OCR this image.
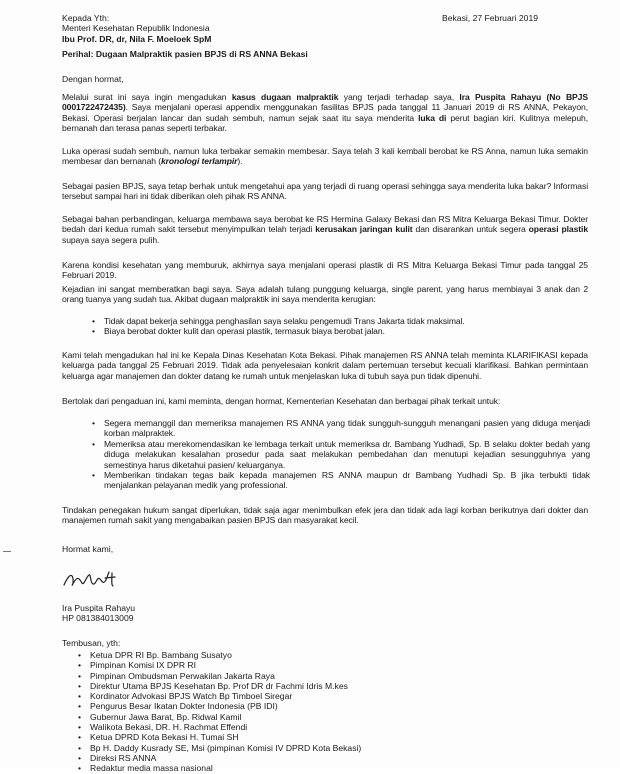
Kepada Yth:
Menteri Kesehatan Republik Indonesia
Ibu Prof. DR, dr, Nila F. Moeloek SpM
Bekasi, 27 Februari 2019
Perihal: Dugaan Malpraktik pasien BPJS di RS ANNA Bekasi
Dengan hormat,
Melalui surat ini saya ingin mengadukan kasus dugaan malpraktik yang terjadi terhadap saya, Ira Puspita Rahayu (No BPJS 0001722472435). Saya menjalani operasi appendix menggunakan fasilitas BPJS pada tanggal 11 Januari 2019 di RS ANNA, Pekayon, Bekasi. Operasi berjalan lancar dan sudah sembuh, namun sejak saat itu saya menderita luka di perut bagian kiri. Kulitnya melepuh, bernanah dan terasa panas seperti terbakar.
Luka operasi sudah sembuh, namun luka terbakar semakin membesar. Saya telah 3 kali kembali berobat ke RS Anna, namun luka semakin membesar dan bernanah (kronologi terlampir).
Sebagai pasien BPJS, saya tetap berhak untuk mengetahui apa yang terjadi di ruang operasi sehingga saya menderita luka bakar? Informasi tersebut sampai hari ini tidak diberikan oleh pihak RS ANNA.
Sebagai bahan perbandingan, keluarga membawa saya berobat ke RS Hermina Galaxy Bekasi dan RS Mitra Keluarga Bekasi Timur. Dokter bedah dari kedua rumah sakit tersebut menyimpulkan telah terjadi kerusakan jaringan kulit dan disarankan untuk segera operasi plastik supaya saya segera pulih.
Karena kondisi kesehatan yang memburuk, akhirnya saya menjalani operasi plastik di RS Mitra Keluarga Bekasi Timur pada tanggal 25 Februari 2019.
Kejadian ini sangat memberatkan bagi saya. Saya adalah tulang punggung keluarga, single parent, yang harus membiayai 3 anak dan 2 orang tuanya yang sudah tua. Akibat dugaan malpraktik ini saya menderita kerugian:
• Tidak dapat bekerja sehingga penghasilan saya selaku pengemudi Trans Jakarta tidak maksimal.
• Biaya berobat dokter kulit dan operasi plastik, termasuk biaya berobat jalan.
Kami telah mengadukan hal ini ke Kepala Dinas Kesehatan Kota Bekasi. Pihak manajemen RS ANNA telah meminta KLARIFIKASI kepada keluarga pada tanggal 25 Februari 2019. Tidak ada penyelesaian konkrit dalam pertemuan tersebut kecuali klarifikasi. Bahkan permintaan keluarga agar manajemen dan dokter datang ke rumah untuk menjelaskan luka di tubuh saya pun tidak dipenuhi.
Bertolak dari pengaduan ini, kami meminta, dengan hormat, Kementerian Kesehatan dan berbagai pihak terkait untuk:
• Segera memanggil dan memeriksa manajemen RS ANNA yang tidak sungguh-sungguh menangani pasien yang diduga menjadi korban malpraktek.
• Memeriksa atau merekomendasikan ke lembaga terkait untuk memeriksa dr. Bambang Yudhadi, Sp. B selaku dokter bedah yang diduga melakukan kesalahan prosedur pada saat melakukan pembedahan dan menutupi kejadian sesungguhnya yang semestinya harus diketahui pasien/ keluarganya.
• Memberikan tindakan tegas baik kepada manajemen RS ANNA maupun dr Bambang Yudhadi Sp. B jika terbukti tidak menjalankan pelayanan medik yang professional.
Tindakan penegakan hukum sangat diperlukan, tidak saja agar menimbulkan efek jera dan tidak ada lagi korban berikutnya dari dokter dan manajemen rumah sakit yang mengabaikan pasien BPJS dan masyarakat kecil.
Hormat kami,
Ira Puspita Rahayu
HP 081384013009
Tembusan, yth:
• Ketua DPR RI Bp. Bambang Susatyo
• Pimpinan Komisi IX DPR RI
• Pimpinan Ombudsman Perwakilan Jakarta Raya
• Direktur Utama BPJS Kesehatan Bp. Prof DR dr Fachmi Idris M.kes
• Kordinator Advokasi BPJS Watch Bp Timboel Siregar
• Pengurus Besar Ikatan Dokter Indonesia (PB IDI)
• Gubernur Jawa Barat, Bp. Ridwal Kamil
• Walikota Bekasi, DR. H. Rachmat Effendi
• Ketua DPRD Kota Bekasi H. Tumai SH
• Bp H. Daddy Kusrady SE, Msi (pimpinan Komisi IV DPRD Kota Bekasi)
• Direksi RS ANNA
• Redaktur media massa nasional
